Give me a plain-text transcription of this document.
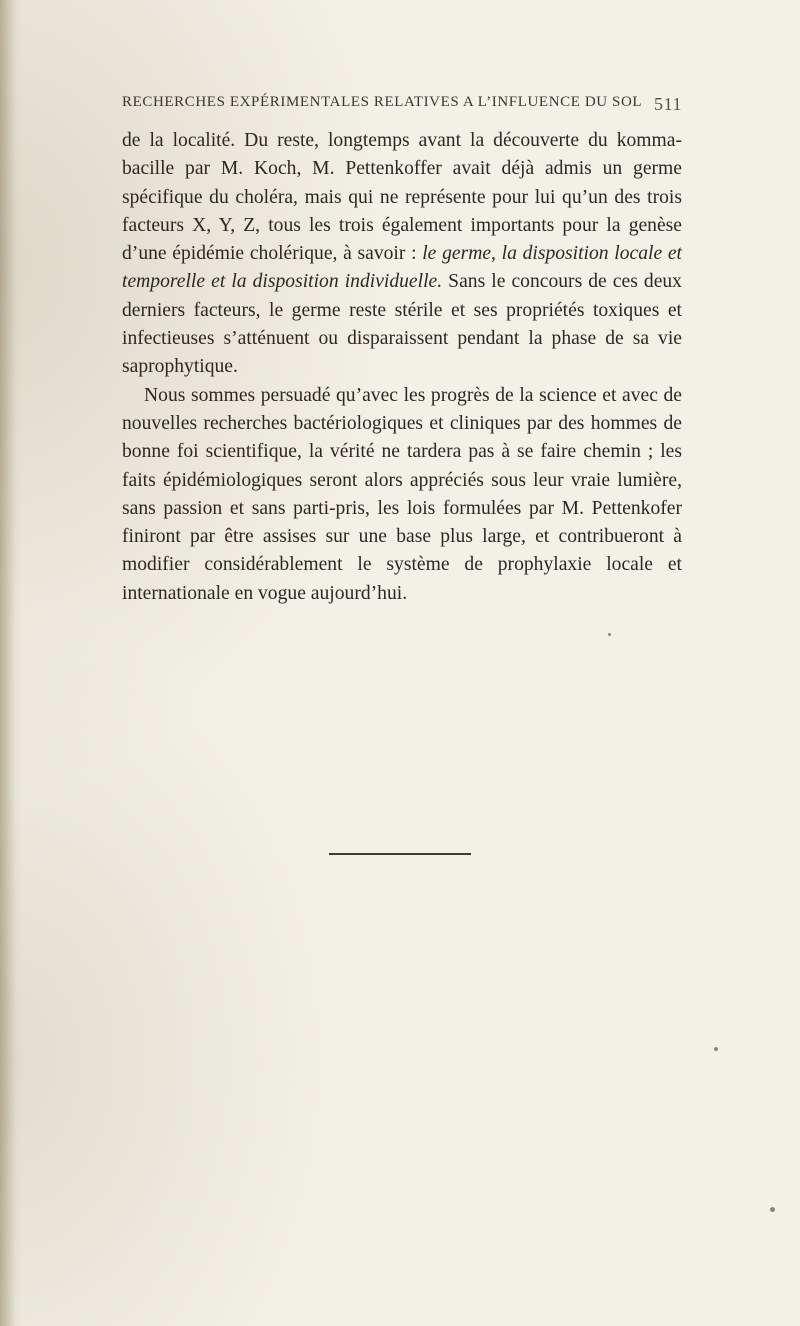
RECHERCHES EXPÉRIMENTALES RELATIVES A L’INFLUENCE DU SOL 511

de la localité. Du reste, longtemps avant la découverte du komma-bacille par M. Koch, M. Pettenkoffer avait déjà admis un germe spécifique du choléra, mais qui ne représente pour lui qu’un des trois facteurs X, Y, Z, tous les trois également importants pour la genèse d’une épidémie cholérique, à savoir : le germe, la disposition locale et temporelle et la disposition individuelle. Sans le concours de ces deux derniers facteurs, le germe reste stérile et ses propriétés toxiques et infectieuses s’atténuent ou disparaissent pendant la phase de sa vie saprophytique.

Nous sommes persuadé qu’avec les progrès de la science et avec de nouvelles recherches bactériologiques et cliniques par des hommes de bonne foi scientifique, la vérité ne tardera pas à se faire chemin ; les faits épidémiologiques seront alors appréciés sous leur vraie lumière, sans passion et sans parti-pris, les lois formulées par M. Pettenkofer finiront par être assises sur une base plus large, et contribueront à modifier considérablement le système de prophylaxie locale et internationale en vogue aujourd’hui.
